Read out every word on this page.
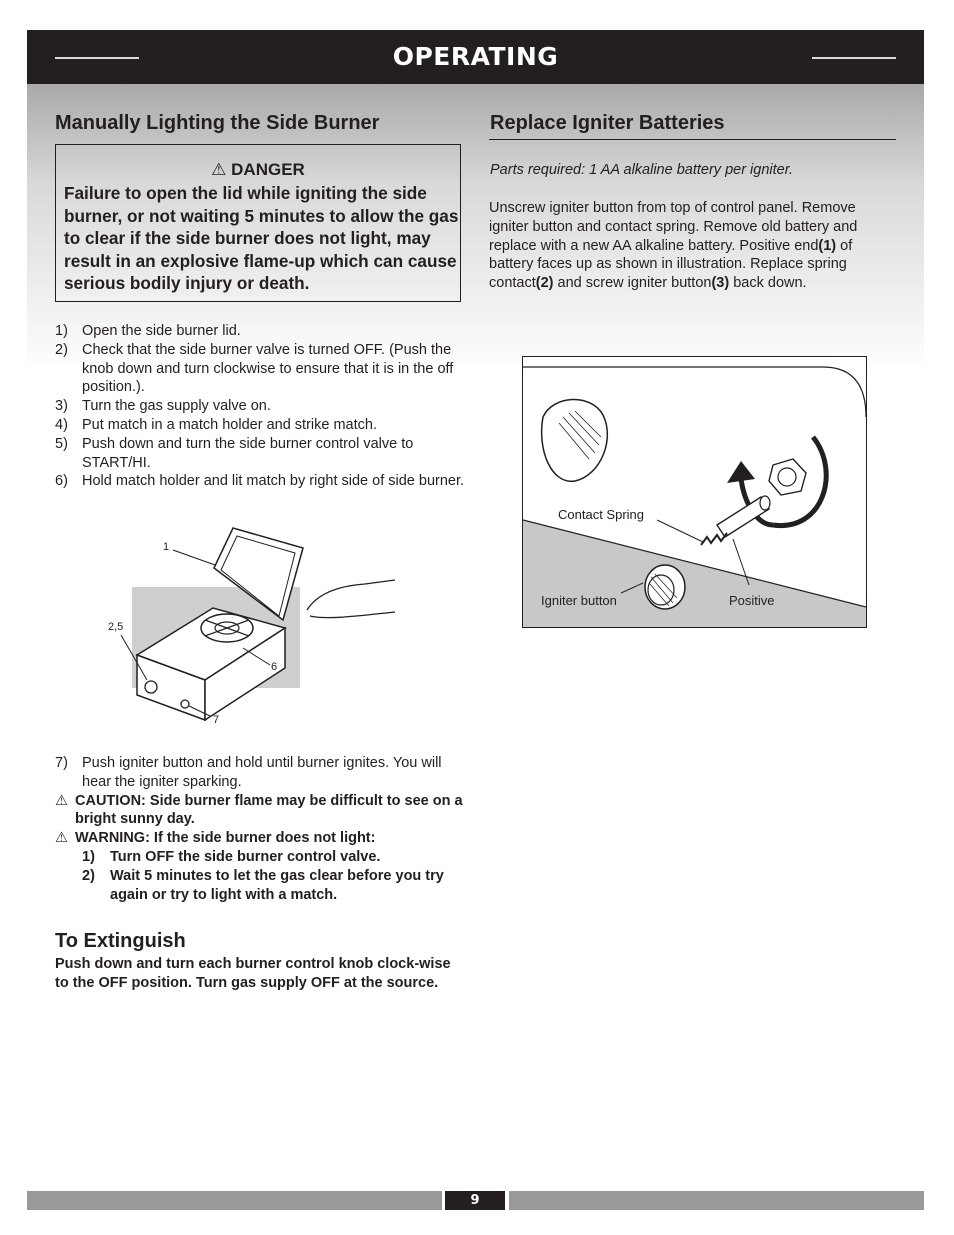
OPERATING
Manually Lighting the Side Burner
⚠ DANGER
Failure to open the lid while igniting the side burner, or not waiting 5 minutes to allow the gas to clear if the side burner does not light, may result in an explosive flame-up which can cause serious bodily injury or death.
1) Open the side burner lid.
2) Check that the side burner valve is turned OFF. (Push the knob down and turn clockwise to ensure that it is in the off position.).
3) Turn the gas supply valve on.
4) Put match in a match holder and strike match.
5) Push down and turn the side burner control valve to START/HI.
6) Hold match holder and lit match by right side of side burner.
1
2,5
6
7
7) Push igniter button and hold until burner ignites. You will hear the igniter sparking.
⚠ CAUTION: Side burner flame may be difficult to see on a bright sunny day.
⚠ WARNING: If the side burner does not light:
1)	Turn OFF the side burner control valve.
2)	Wait 5 minutes to let the gas clear before you try again or try to light with a match.
To Extinguish
Push down and turn each burner control knob clock-wise to the OFF position. Turn gas supply OFF at the source.
Replace Igniter Batteries
Parts required: 1 AA alkaline battery per igniter.
Unscrew igniter button from top of control panel. Remove igniter button and contact spring. Remove old battery and replace with a new AA alkaline battery. Positive end(1) of battery faces up as shown in illustration. Replace spring contact(2) and screw igniter button(3) back down.
Contact Spring
Igniter button	Positive
9
